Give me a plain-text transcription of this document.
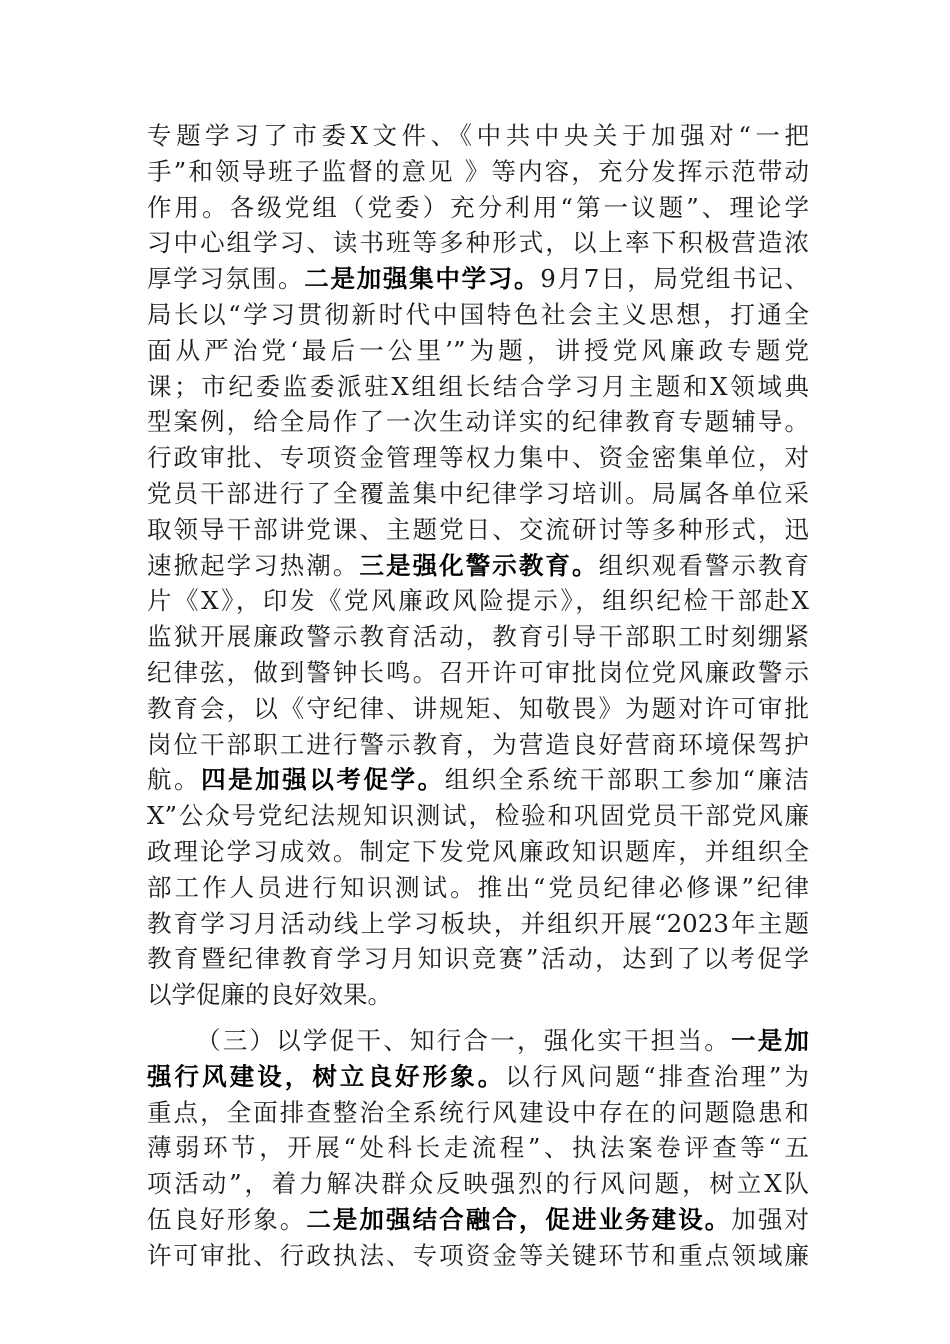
专题学习了市委X文件、《中共中央关于加强对“一把
手”和领导班子监督的意见 》等内容，充分发挥示范带动
作用。各级党组（党委）充分利用“第一议题”、理论学
习中心组学习、读书班等多种形式，以上率下积极营造浓
厚学习氛围。二是加强集中学习。9月7日，局党组书记、
局长以“学习贯彻新时代中国特色社会主义思想，打通全
面从严治党‘最后一公里’”为题，讲授党风廉政专题党
课；市纪委监委派驻X组组长结合学习月主题和X领域典
型案例，给全局作了一次生动详实的纪律教育专题辅导。
行政审批、专项资金管理等权力集中、资金密集单位，对
党员干部进行了全覆盖集中纪律学习培训。局属各单位采
取领导干部讲党课、主题党日、交流研讨等多种形式，迅
速掀起学习热潮。三是强化警示教育。组织观看警示教育
片《X》，印发《党风廉政风险提示》，组织纪检干部赴X
监狱开展廉政警示教育活动，教育引导干部职工时刻绷紧
纪律弦，做到警钟长鸣。召开许可审批岗位党风廉政警示
教育会，以《守纪律、讲规矩、知敬畏》为题对许可审批
岗位干部职工进行警示教育，为营造良好营商环境保驾护
航。四是加强以考促学。组织全系统干部职工参加“廉洁
X”公众号党纪法规知识测试，检验和巩固党员干部党风廉
政理论学习成效。制定下发党风廉政知识题库，并组织全
部工作人员进行知识测试。推出“党员纪律必修课”纪律
教育学习月活动线上学习板块，并组织开展“2023年主题
教育暨纪律教育学习月知识竞赛”活动，达到了以考促学
以学促廉的良好效果。
（三）以学促干、知行合一，强化实干担当。一是加
强行风建设，树立良好形象。以行风问题“排查治理”为
重点，全面排查整治全系统行风建设中存在的问题隐患和
薄弱环节，开展“处科长走流程”、执法案卷评查等“五
项活动”，着力解决群众反映强烈的行风问题，树立X队
伍良好形象。二是加强结合融合，促进业务建设。加强对
许可审批、行政执法、专项资金等关键环节和重点领域廉
